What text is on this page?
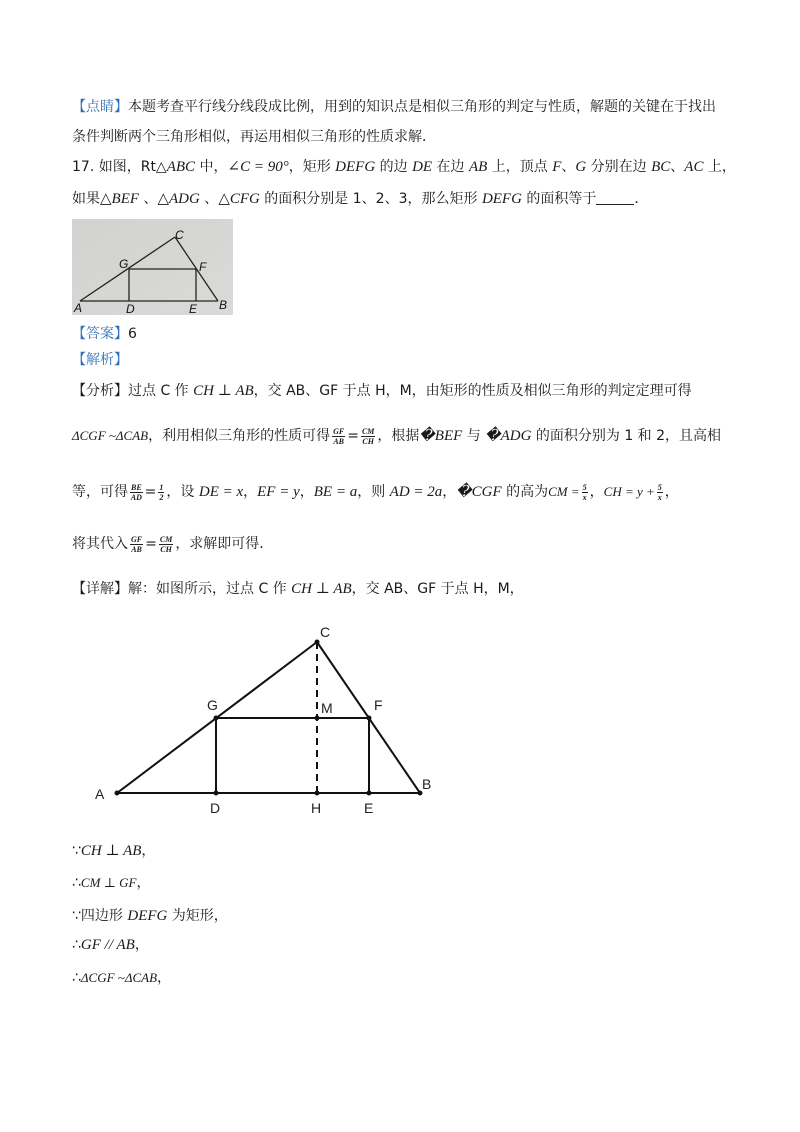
【点睛】本题考查平行线分线段成比例，用到的知识点是相似三角形的判定与性质，解题的关键在于找出
条件判断两个三角形相似，再运用相似三角形的性质求解．
17. 如图，Rt△ABC 中，∠C = 90°，矩形 DEFG 的边 DE 在边 AB 上，顶点 F、G 分别在边 BC、AC 上，
如果△BEF 、△ADG 、△CFG 的面积分别是 1、2、3，那么矩形 DEFG 的面积等于	．
C
G	F
A	D	E B
【答案】6
【解析】
【分析】过点 C 作 CH ⊥ AB，交 AB、GF 于点 H，M，由矩形的性质及相似三角形的判定定理可得
ΔCGF ~ΔCAB，利用相似三角形的性质可得 $\frac{GF}{AB} = \frac{CM}{CH}$ ，根据�BEF 与 �ADG 的面积分别为 1 和 2，且高相
等，可得 $\frac{BE}{AD} = \frac{1}{2}$ ，设 DE = x，EF = y，BE = a，则 AD = 2a，�CGF 的高为CM = $\frac{5}{x}$ ，CH = $y + \frac{5}{x}$ ，
将其代入 $\frac{GF}{AB} = \frac{CM}{CH}$ ，求解即可得．
【详解】解：如图所示，过点 C 作 CH ⊥ AB，交 AB、GF 于点 H，M，
C
G	M	F
A
B
D	H	E
∵CH ⊥ AB，
∴CM ⊥ GF，
∵四边形 DEFG 为矩形，
∴GF // AB，
∴ΔCGF ~ΔCAB，
